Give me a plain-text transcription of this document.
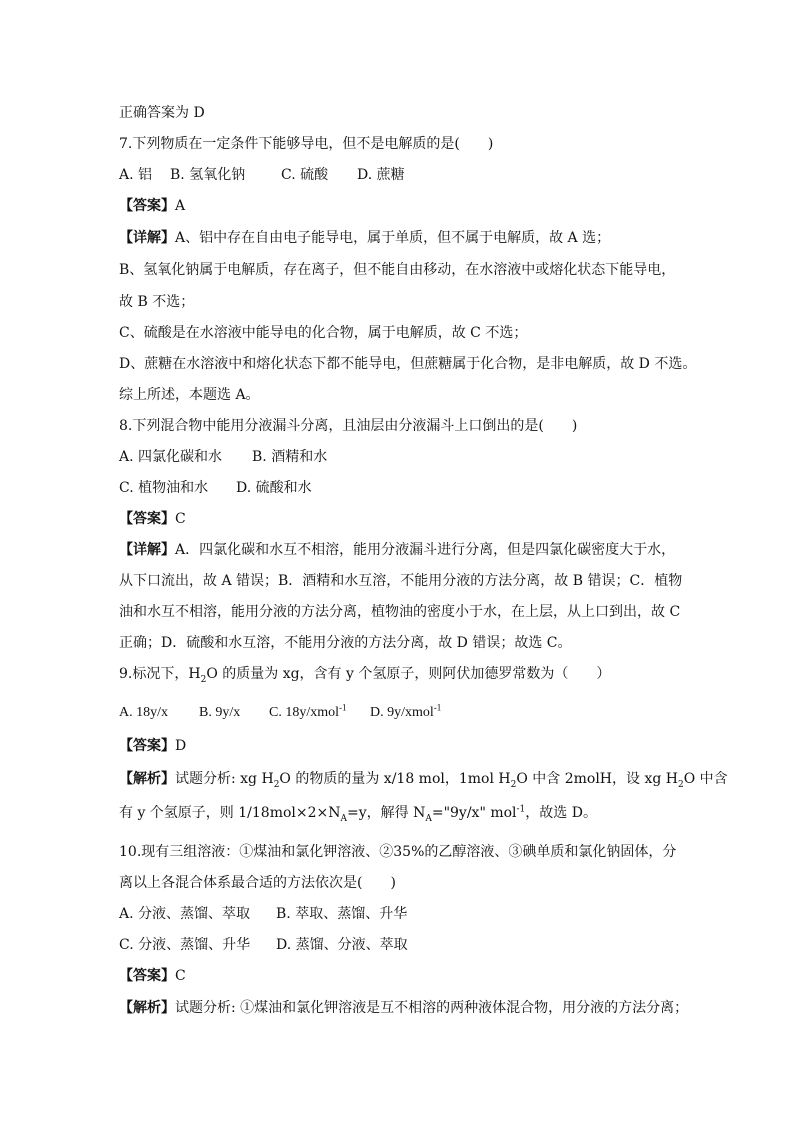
正确答案为 D
7.下列物质在一定条件下能够导电，但不是电解质的是(　　)
A. 铝 B. 氢氧化钠	C. 硫酸 D. 蔗糖
【答案】A
【详解】A、铝中存在自由电子能导电，属于单质，但不属于电解质，故 A 选；
B、氢氧化钠属于电解质，存在离子，但不能自由移动，在水溶液中或熔化状态下能导电，
故 B 不选；
C、硫酸是在水溶液中能导电的化合物，属于电解质，故 C 不选；
D、蔗糖在水溶液中和熔化状态下都不能导电，但蔗糖属于化合物，是非电解质，故 D 不选。
综上所述，本题选 A。
8.下列混合物中能用分液漏斗分离，且油层由分液漏斗上口倒出的是(　　)
A. 四氯化碳和水 B. 酒精和水
C. 植物油和水 D. 硫酸和水
【答案】C
【详解】A．四氯化碳和水互不相溶，能用分液漏斗进行分离，但是四氯化碳密度大于水，
从下口流出，故 A 错误；B．酒精和水互溶，不能用分液的方法分离，故 B 错误；C．植物
油和水互不相溶，能用分液的方法分离，植物油的密度小于水，在上层，从上口到出，故 C
正确；D．硫酸和水互溶，不能用分液的方法分离，故 D 错误；故选 C。
9.标况下，$H_2O$ 的质量为 xg，含有 y 个氢原子，则阿伏加德罗常数为（　　）
A. 18y/x B. 9y/x C. 18y/xmol$^{-1}$ D. 9y/xmol$^{-1}$
【答案】D
【解析】试题分析: xg $H_2O$ 的物质的量为 x/18 mol，1mol $H_2O$ 中含 2molH，设 xg $H_2O$ 中含
有 y 个氢原子，则 $1/18mol\times 2\times N_A=y$，解得 $N_A="9y/x$" mol$^{-1}$，故选 D。
10.现有三组溶液：①煤油和氯化钾溶液、②35%的乙醇溶液、③碘单质和氯化钠固体，分
离以上各混合体系最合适的方法依次是(　　)
A. 分液、蒸馏、萃取 B. 萃取、蒸馏、升华
C. 分液、蒸馏、升华 D. 蒸馏、分液、萃取
【答案】C
【解析】试题分析: ①煤油和氯化钾溶液是互不相溶的两种液体混合物，用分液的方法分离；
